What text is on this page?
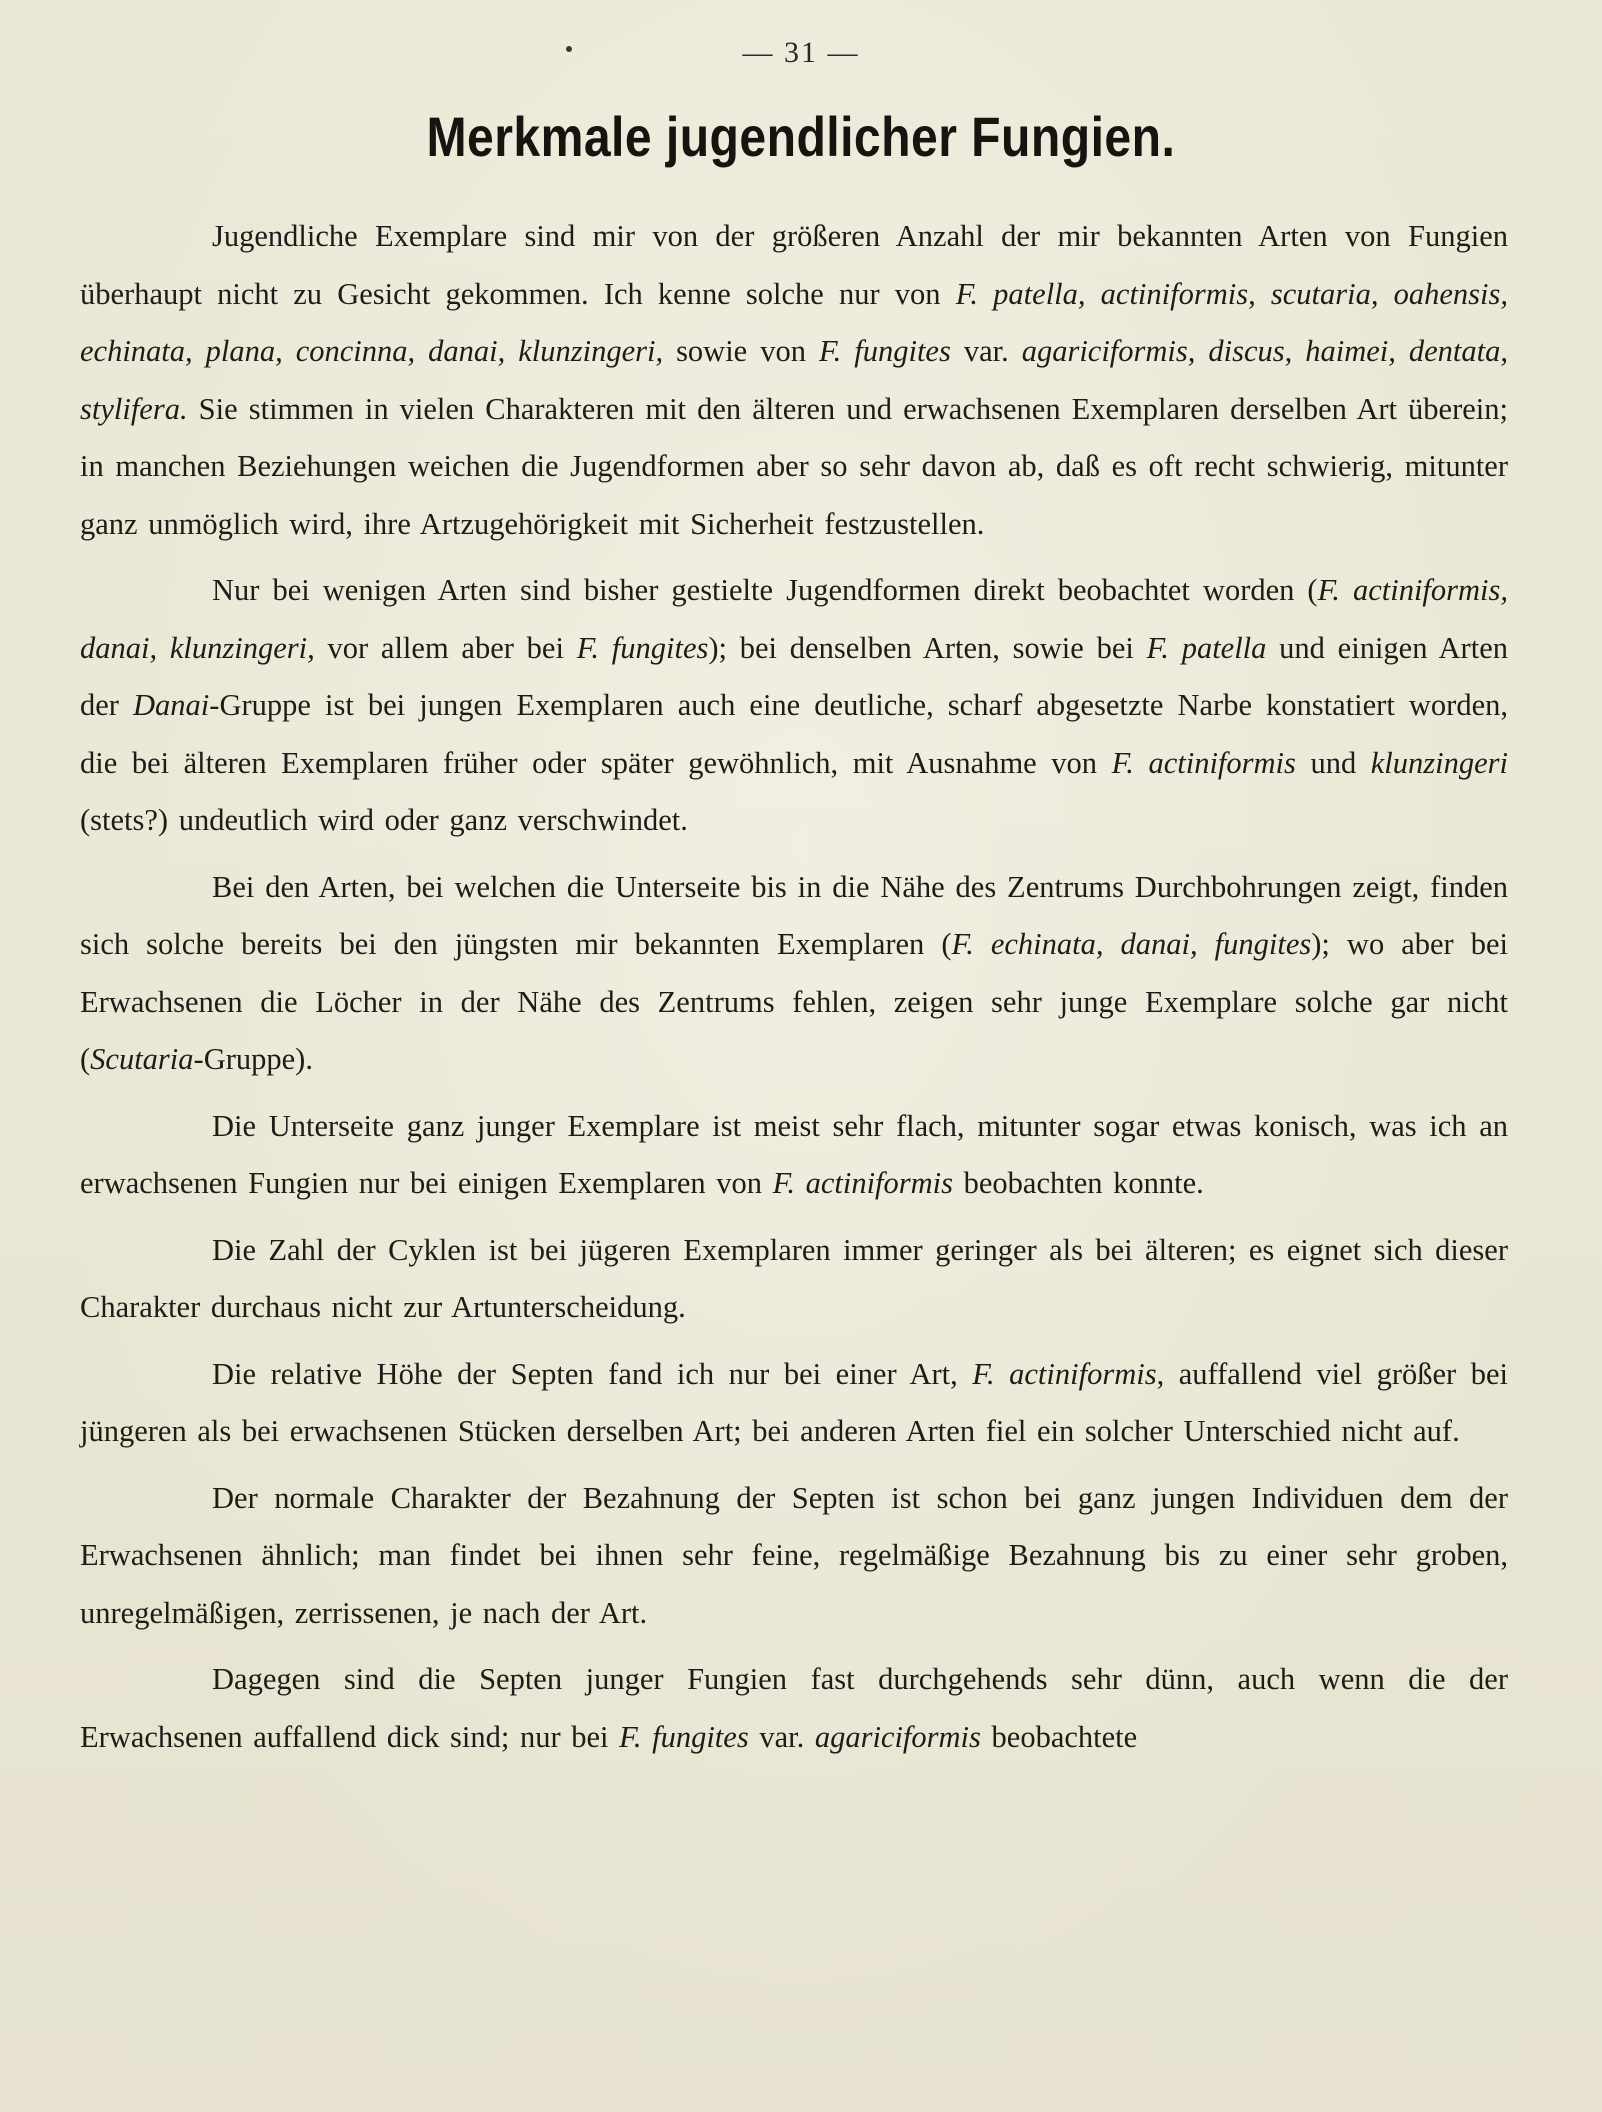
— 31 —
Merkmale jugendlicher Fungien.

Jugendliche Exemplare sind mir von der größeren Anzahl der mir bekannten Arten von Fungien überhaupt nicht zu Gesicht gekommen. Ich kenne solche nur von F. patella, actiniformis, scutaria, oahensis, echinata, plana, concinna, danai, klunzingeri, sowie von F. fungites var. agariciformis, discus, haimei, dentata, stylifera. Sie stimmen in vielen Charakteren mit den älteren und erwachsenen Exemplaren derselben Art überein; in manchen Beziehungen weichen die Jugendformen aber so sehr davon ab, daß es oft recht schwierig, mitunter ganz unmöglich wird, ihre Artzugehörigkeit mit Sicherheit festzustellen.

Nur bei wenigen Arten sind bisher gestielte Jugendformen direkt beobachtet worden (F. actiniformis, danai, klunzingeri, vor allem aber bei F. fungites); bei denselben Arten, sowie bei F. patella und einigen Arten der Danai-Gruppe ist bei jungen Exemplaren auch eine deutliche, scharf abgesetzte Narbe konstatiert worden, die bei älteren Exemplaren früher oder später gewöhnlich, mit Ausnahme von F. actiniformis und klunzingeri (stets?) undeutlich wird oder ganz verschwindet.

Bei den Arten, bei welchen die Unterseite bis in die Nähe des Zentrums Durchbohrungen zeigt, finden sich solche bereits bei den jüngsten mir bekannten Exemplaren (F. echinata, danai, fungites); wo aber bei Erwachsenen die Löcher in der Nähe des Zentrums fehlen, zeigen sehr junge Exemplare solche gar nicht (Scutaria-Gruppe).

Die Unterseite ganz junger Exemplare ist meist sehr flach, mitunter sogar etwas konisch, was ich an erwachsenen Fungien nur bei einigen Exemplaren von F. actiniformis beobachten konnte.

Die Zahl der Cyklen ist bei jügeren Exemplaren immer geringer als bei älteren; es eignet sich dieser Charakter durchaus nicht zur Artunterscheidung.

Die relative Höhe der Septen fand ich nur bei einer Art, F. actiniformis, auffallend viel größer bei jüngeren als bei erwachsenen Stücken derselben Art; bei anderen Arten fiel ein solcher Unterschied nicht auf.

Der normale Charakter der Bezahnung der Septen ist schon bei ganz jungen Individuen dem der Erwachsenen ähnlich; man findet bei ihnen sehr feine, regelmäßige Bezahnung bis zu einer sehr groben, unregelmäßigen, zerrissenen, je nach der Art.

Dagegen sind die Septen junger Fungien fast durchgehends sehr dünn, auch wenn die der Erwachsenen auffallend dick sind; nur bei F. fungites var. agariciformis beobachtete
